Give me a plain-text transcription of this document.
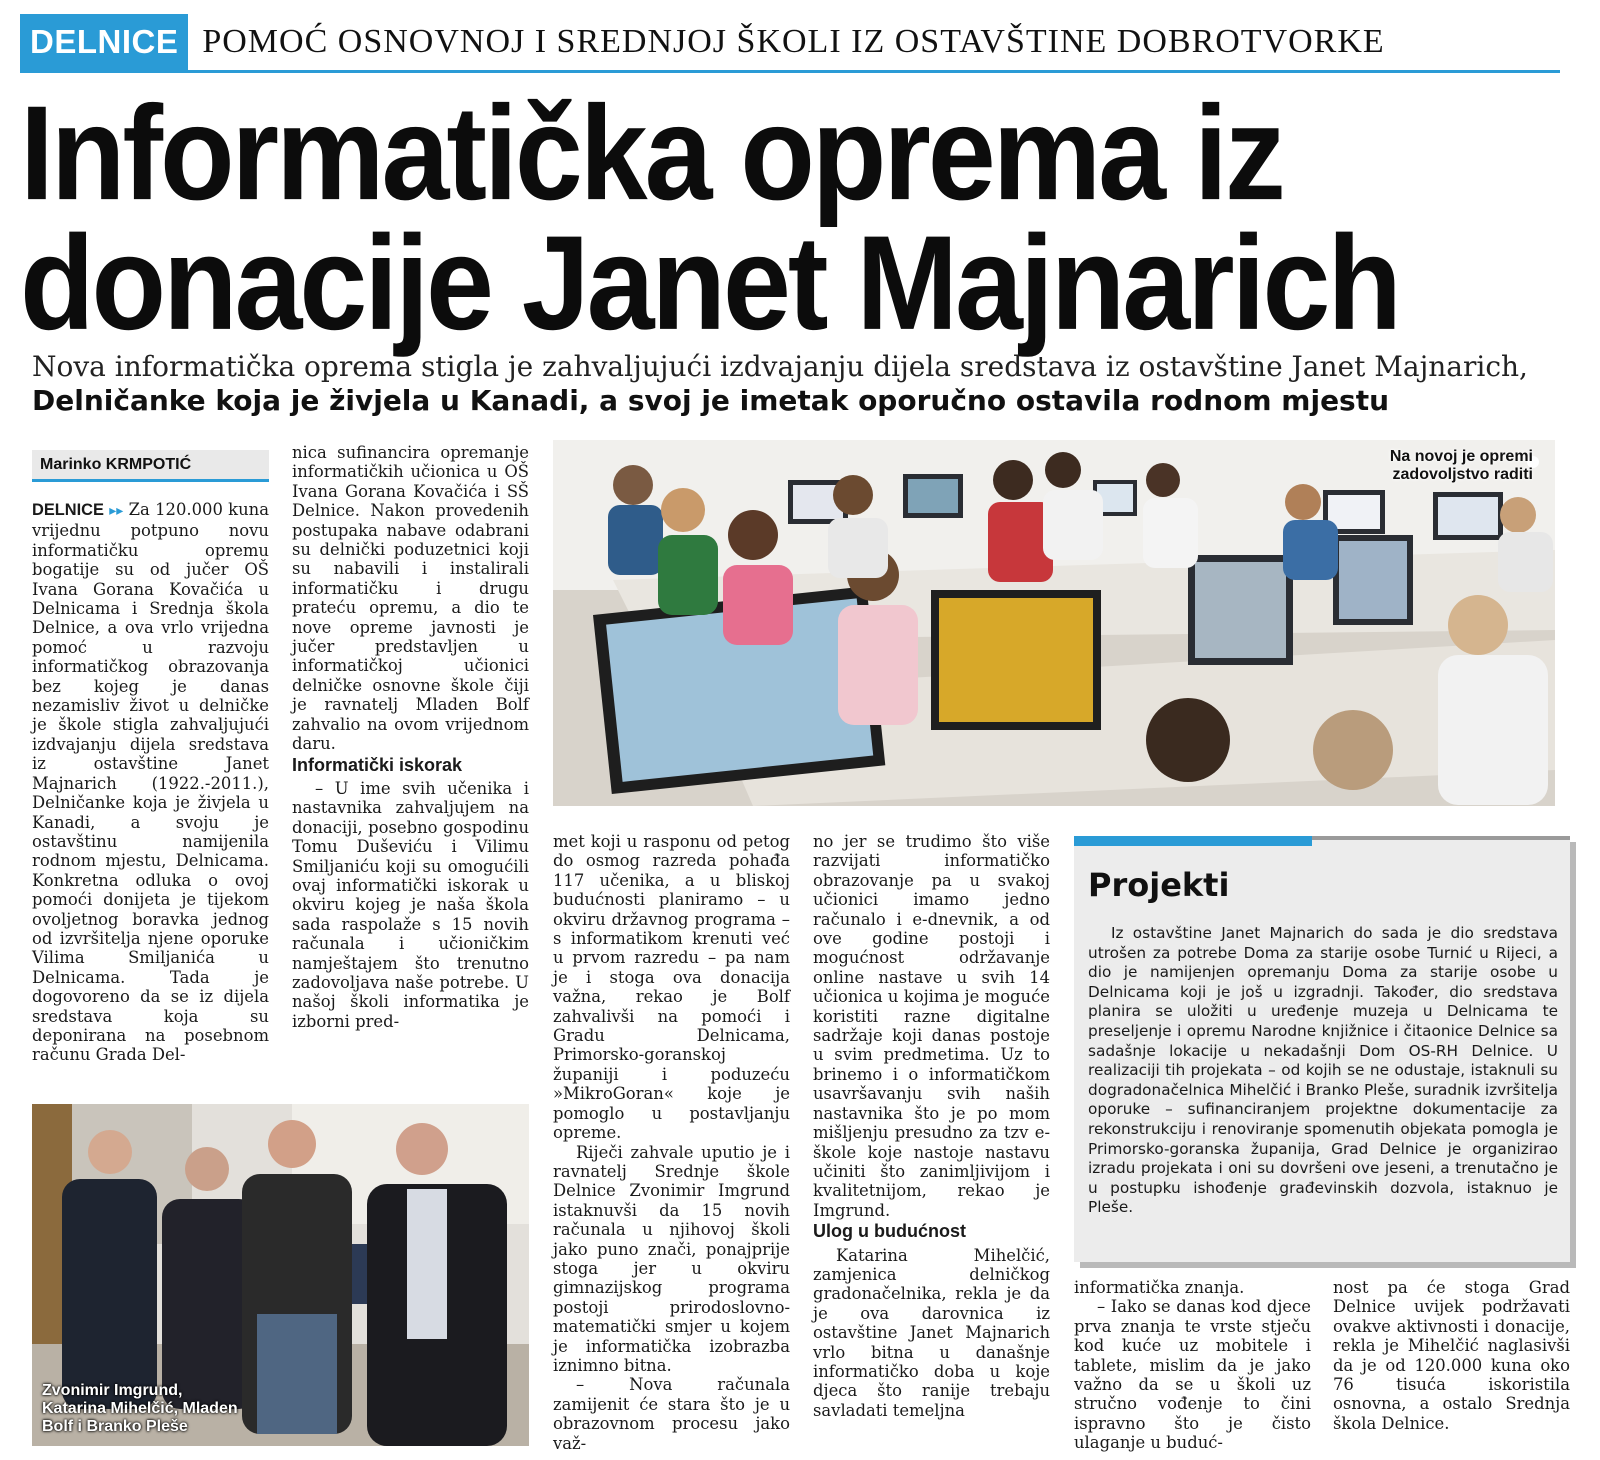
DELNICE POMOĆ OSNOVNOJ I SREDNJOJ ŠKOLI IZ OSTAVŠTINE DOBROTVORKE
Informatička oprema iz
donacije Janet Majnarich
Nova informatička oprema stigla je zahvaljujući izdvajanju dijela sredstava iz ostavštine Janet Majnarich, Delničanke koja je živjela u Kanadi, a svoj je imetak oporučno ostavila rodnom mjestu
Marinko KRMPOTIĆ

DELNICE ▸▸ Za 120.000 kuna vrijednu potpuno novu informatičku opremu bogatije su od jučer OŠ Ivana Gorana Kovačića u Delnicama i Srednja škola Delnice, a ova vrlo vrijedna pomoć u razvoju informatičkog obrazovanja bez kojeg je danas nezamisliv život u delničke je škole stigla zahvaljujući izdvajanju dijela sredstava iz ostavštine Janet Majnarich (1922.-2011.), Delničanke koja je živjela u Kanadi, a svoju je ostavštinu namijenila rodnom mjestu, Delnicama. Konkretna odluka o ovoj pomoći donijeta je tijekom ovoljetnog boravka jednog od izvršitelja njene oporuke Vilima Smiljanića u Delnicama. Tada je dogovoreno da se iz dijela sredstava koja su deponirana na posebnom računu Grada Del-

nica sufinancira opremanje informatičkih učionica u OŠ Ivana Gorana Kovačića i SŠ Delnice. Nakon provedenih postupaka nabave odabrani su delnički poduzetnici koji su nabavili i instalirali informatičku i drugu prateću opremu, a dio te nove opreme javnosti je jučer predstavljen u informatičkoj učionici delničke osnovne škole čiji je ravnatelj Mladen Bolf zahvalio na ovom vrijednom daru.

Informatički iskorak

– U ime svih učenika i nastavnika zahvaljujem na donaciji, posebno gospodinu Tomu Duševiću i Vilimu Smiljaniću koji su omogućili ovaj informatički iskorak u okviru kojeg je naša škola sada raspolaže s 15 novih računala i učioničkim namještajem što trenutno zadovoljava naše potrebe. U našoj školi informatika je izborni pred-

Na novoj je opremi
zadovoljstvo raditi

met koji u rasponu od petog do osmog razreda pohađa 117 učenika, a u bliskoj budućnosti planiramo – u okviru državnog programa – s informatikom krenuti već u prvom razredu – pa nam je i stoga ova donacija važna, rekao je Bolf zahvalivši na pomoći i Gradu Delnicama, Primorsko-goranskoj županiji i poduzeću »MikroGoran« koje je pomoglo u postavljanju opreme.

Riječi zahvale uputio je i ravnatelj Srednje škole Delnice Zvonimir Imgrund istaknuvši da 15 novih računala u njihovoj školi jako puno znači, ponajprije stoga jer u okviru gimnazijskog programa postoji prirodoslovno-matematički smjer u kojem je informatička izobrazba iznimno bitna.

– Nova računala zamijenit će stara što je u obrazovnom procesu jako važ-

no jer se trudimo što više razvijati informatičko obrazovanje pa u svakoj učionici imamo jedno računalo i e-dnevnik, a od ove godine postoji i mogućnost održavanje online nastave u svih 14 učionica u kojima je moguće koristiti razne digitalne sadržaje koji danas postoje u svim predmetima. Uz to brinemo i o informatičkom usavršavanju svih naših nastavnika što je po mom mišljenju presudno za tzv e-škole koje nastoje nastavu učiniti što zanimljivijom i kvalitetnijom, rekao je Imgrund.

Ulog u budućnost

Katarina Mihelčić, zamjenica delničkog gradonačelnika, rekla je da je ova darovnica iz ostavštine Janet Majnarich vrlo bitna u današnje informatičko doba u koje djeca što ranije trebaju savladati temeljna

Projekti
Iz ostavštine Janet Majnarich do sada je dio sredstava utrošen za potrebe Doma za starije osobe Turnić u Rijeci, a dio je namijenjen opremanju Doma za starije osobe u Delnicama koji je još u izgradnji. Također, dio sredstava planira se uložiti u uređenje muzeja u Delnicama te preseljenje i opremu Narodne knjižnice i čitaonice Delnice sa sadašnje lokacije u nekadašnji Dom OS-RH Delnice. U realizaciji tih projekata – od kojih se ne odustaje, istaknuli su dogradonačelnica Mihelčić i Branko Pleše, suradnik izvršitelja oporuke – sufinanciranjem projektne dokumentacije za rekonstrukciju i renoviranje spomenutih objekata pomogla je Primorsko-goranska županija, Grad Delnice je organizirao izradu projekata i oni su dovršeni ove jeseni, a trenutačno je u postupku ishođenje građevinskih dozvola, istaknuo je Pleše.

informatička znanja.

– Iako se danas kod djece prva znanja te vrste stječu kod kuće uz mobitele i tablete, mislim da je jako važno da se u školi uz stručno vođenje to čini ispravno što je čisto ulaganje u buduć-

nost pa će stoga Grad Delnice uvijek podržavati ovakve aktivnosti i donacije, rekla je Mihelčić naglasivši da je od 120.000 kuna oko 76 tisuća iskoristila osnovna, a ostalo Srednja škola Delnice.

Zvonimir Imgrund,
Katarina Mihelčić, Mladen
Bolf i Branko Pleše
